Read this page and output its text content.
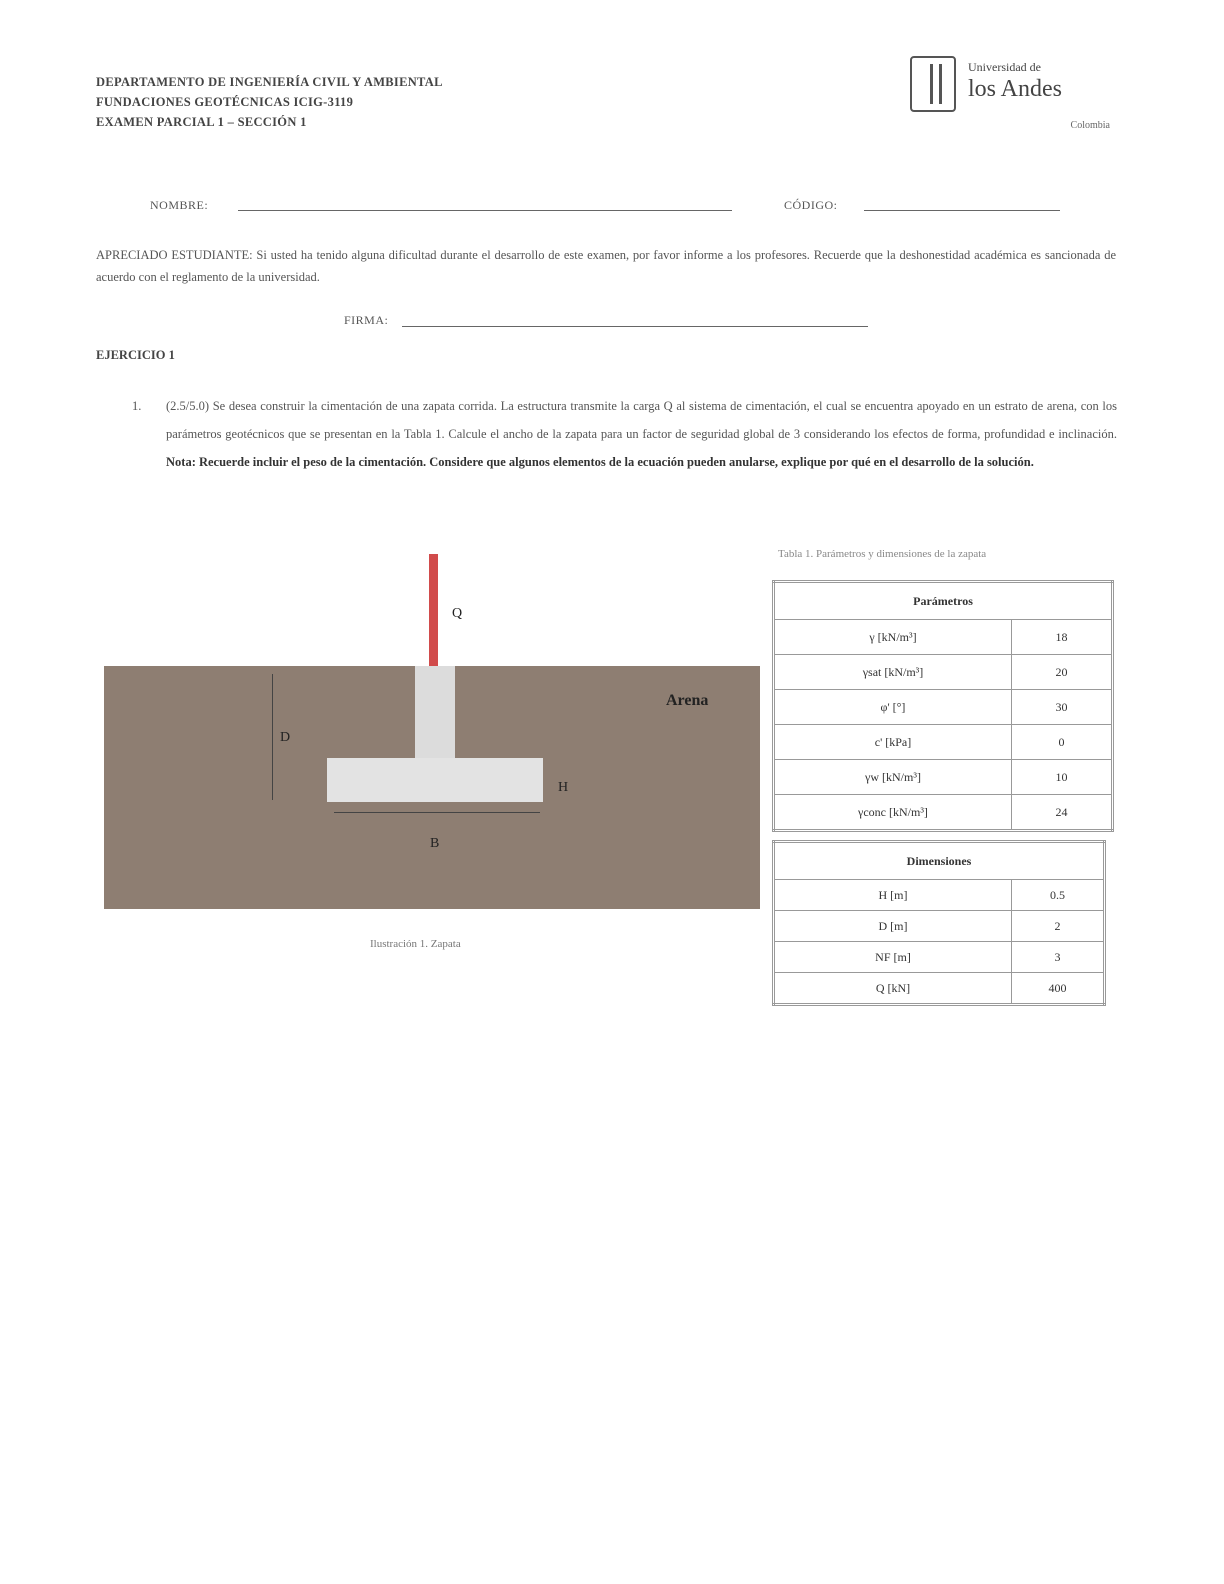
DEPARTAMENTO DE INGENIERÍA CIVIL Y AMBIENTAL
FUNDACIONES GEOTÉCNICAS ICIG-3119
EXAMEN PARCIAL 1 – SECCIÓN 1
Universidad de
los Andes
Colombia
NOMBRE:	CÓDIGO:
APRECIADO ESTUDIANTE: Si usted ha tenido alguna dificultad durante el desarrollo de este examen, por favor informe a los profesores. Recuerde que la deshonestidad académica es sancionada de acuerdo con el reglamento de la universidad.
FIRMA:
EJERCICIO 1
1. (2.5/5.0) Se desea construir la cimentación de una zapata corrida. La estructura transmite la carga Q al sistema de cimentación, el cual se encuentra apoyado en un estrato de arena, con los parámetros geotécnicos que se presentan en la Tabla 1. Calcule el ancho de la zapata para un factor de seguridad global de 3 considerando los efectos de forma, profundidad e inclinación. Nota: Recuerde incluir el peso de la cimentación. Considere que algunos elementos de la ecuación pueden anularse, explique por qué en el desarrollo de la solución.
Q
Arena
D
H
B
Ilustración 1. Zapata
Tabla 1. Parámetros y dimensiones de la zapata
Parámetros	
γ [kN/m³]	18
γsat [kN/m³]	20
φ' [°]	30
c' [kPa]	0
γw [kN/m³]	10
γconc [kN/m³]	24
Dimensiones	
H [m]	0.5
D [m]	2
NF [m]	3
Q [kN]	400
